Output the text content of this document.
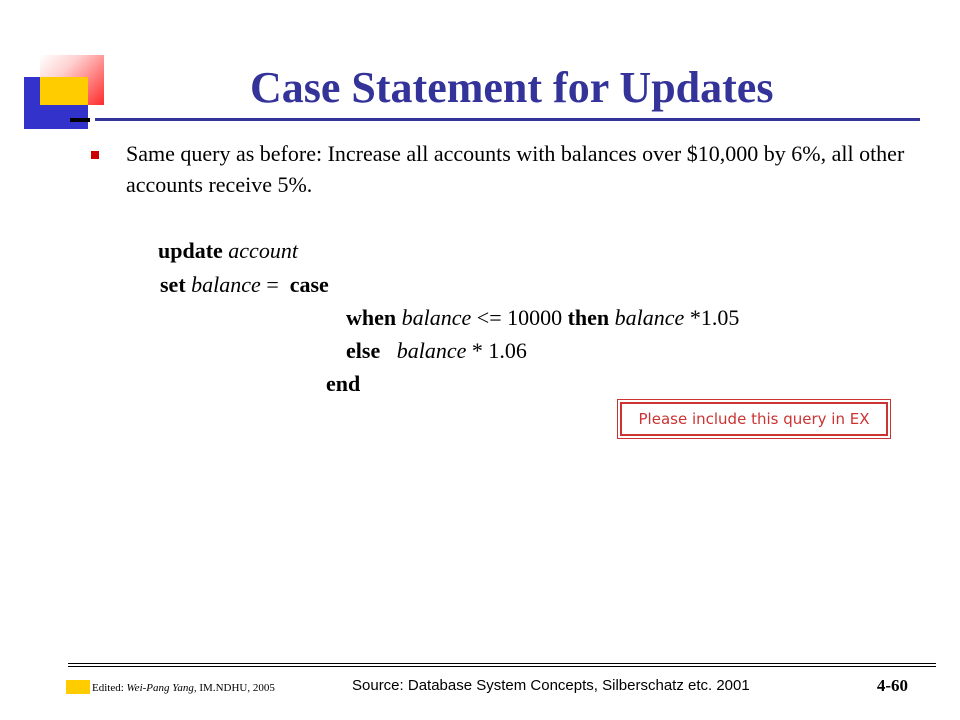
Case Statement for Updates
Same query as before: Increase all accounts with balances over $10,000 by 6%, all other accounts receive 5%.
update account
set balance = case
when balance <= 10000 then balance *1.05
else balance * 1.06
end
Please include this query in EX
Edited: Wei-Pang Yang, IM.NDHU, 2005	Source: Database System Concepts, Silberschatz etc. 2001	4-60
